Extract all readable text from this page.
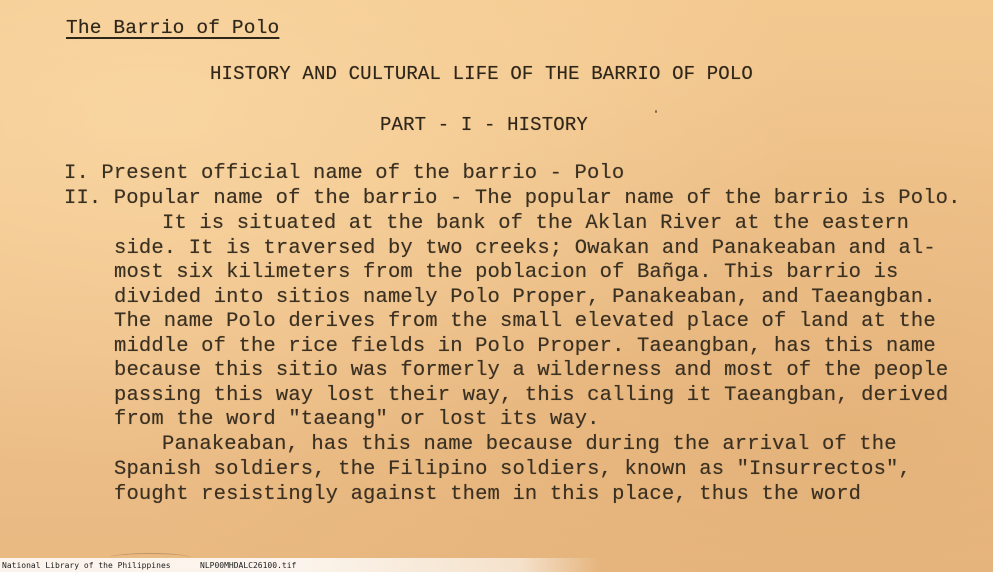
The Barrio of Polo
HISTORY AND CULTURAL LIFE OF THE BARRIO OF POLO
PART - I - HISTORY
I. Present official name of the barrio - Polo
II. Popular name of the barrio - The popular name of the barrio is Polo.
It is situated at the bank of the Aklan River at the eastern
side. It is traversed by two creeks; Owakan and Panakeaban and al-
most six kilimeters from the poblacion of Bañga. This barrio is
divided into sitios namely Polo Proper, Panakeaban, and Taeangban.
The name Polo derives from the small elevated place of land at the
middle of the rice fields in Polo Proper. Taeangban, has this name
because this sitio was formerly a wilderness and most of the people
passing this way lost their way, this calling it Taeangban, derived
from the word "taeang" or lost its way.
Panakeaban, has this name because during the arrival of the
Spanish soldiers, the Filipino soldiers, known as "Insurrectos",
fought resistingly against them in this place, thus the word
National Library of the Philippines	NLP00MHDALC26100.tif
